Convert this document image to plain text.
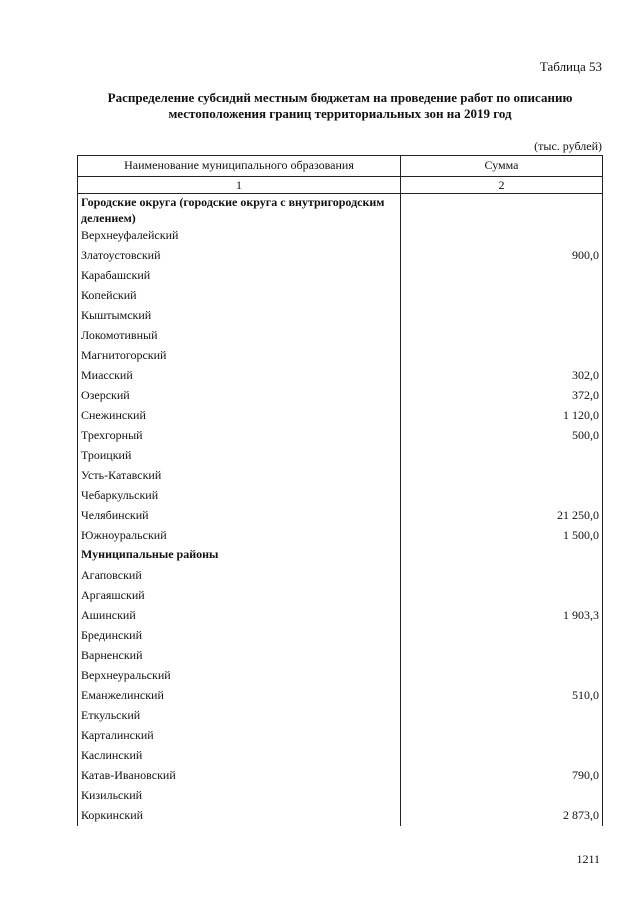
Таблица 53
Распределение субсидий местным бюджетам на проведение работ по описанию местоположения границ территориальных зон на 2019 год
(тыс. рублей)
Наименование муниципального образования	Сумма
1	2
Городские округа (городские округа с внутригородским делением)	
Верхнеуфалейский	
Златоустовский	900,0
Карабашский	
Копейский	
Кыштымский	
Локомотивный	
Магнитогорский	
Миасский	302,0
Озерский	372,0
Снежинский	1 120,0
Трехгорный	500,0
Троицкий	
Усть-Катавский	
Чебаркульский	
Челябинский	21 250,0
Южноуральский	1 500,0
Муниципальные районы	
Агаповский	
Аргаяшский	
Ашинский	1 903,3
Брединский	
Варненский	
Верхнеуральский	
Еманжелинский	510,0
Еткульский	
Карталинский	
Каслинский	
Катав-Ивановский	790,0
Кизильский	
Коркинский	2 873,0
1211
